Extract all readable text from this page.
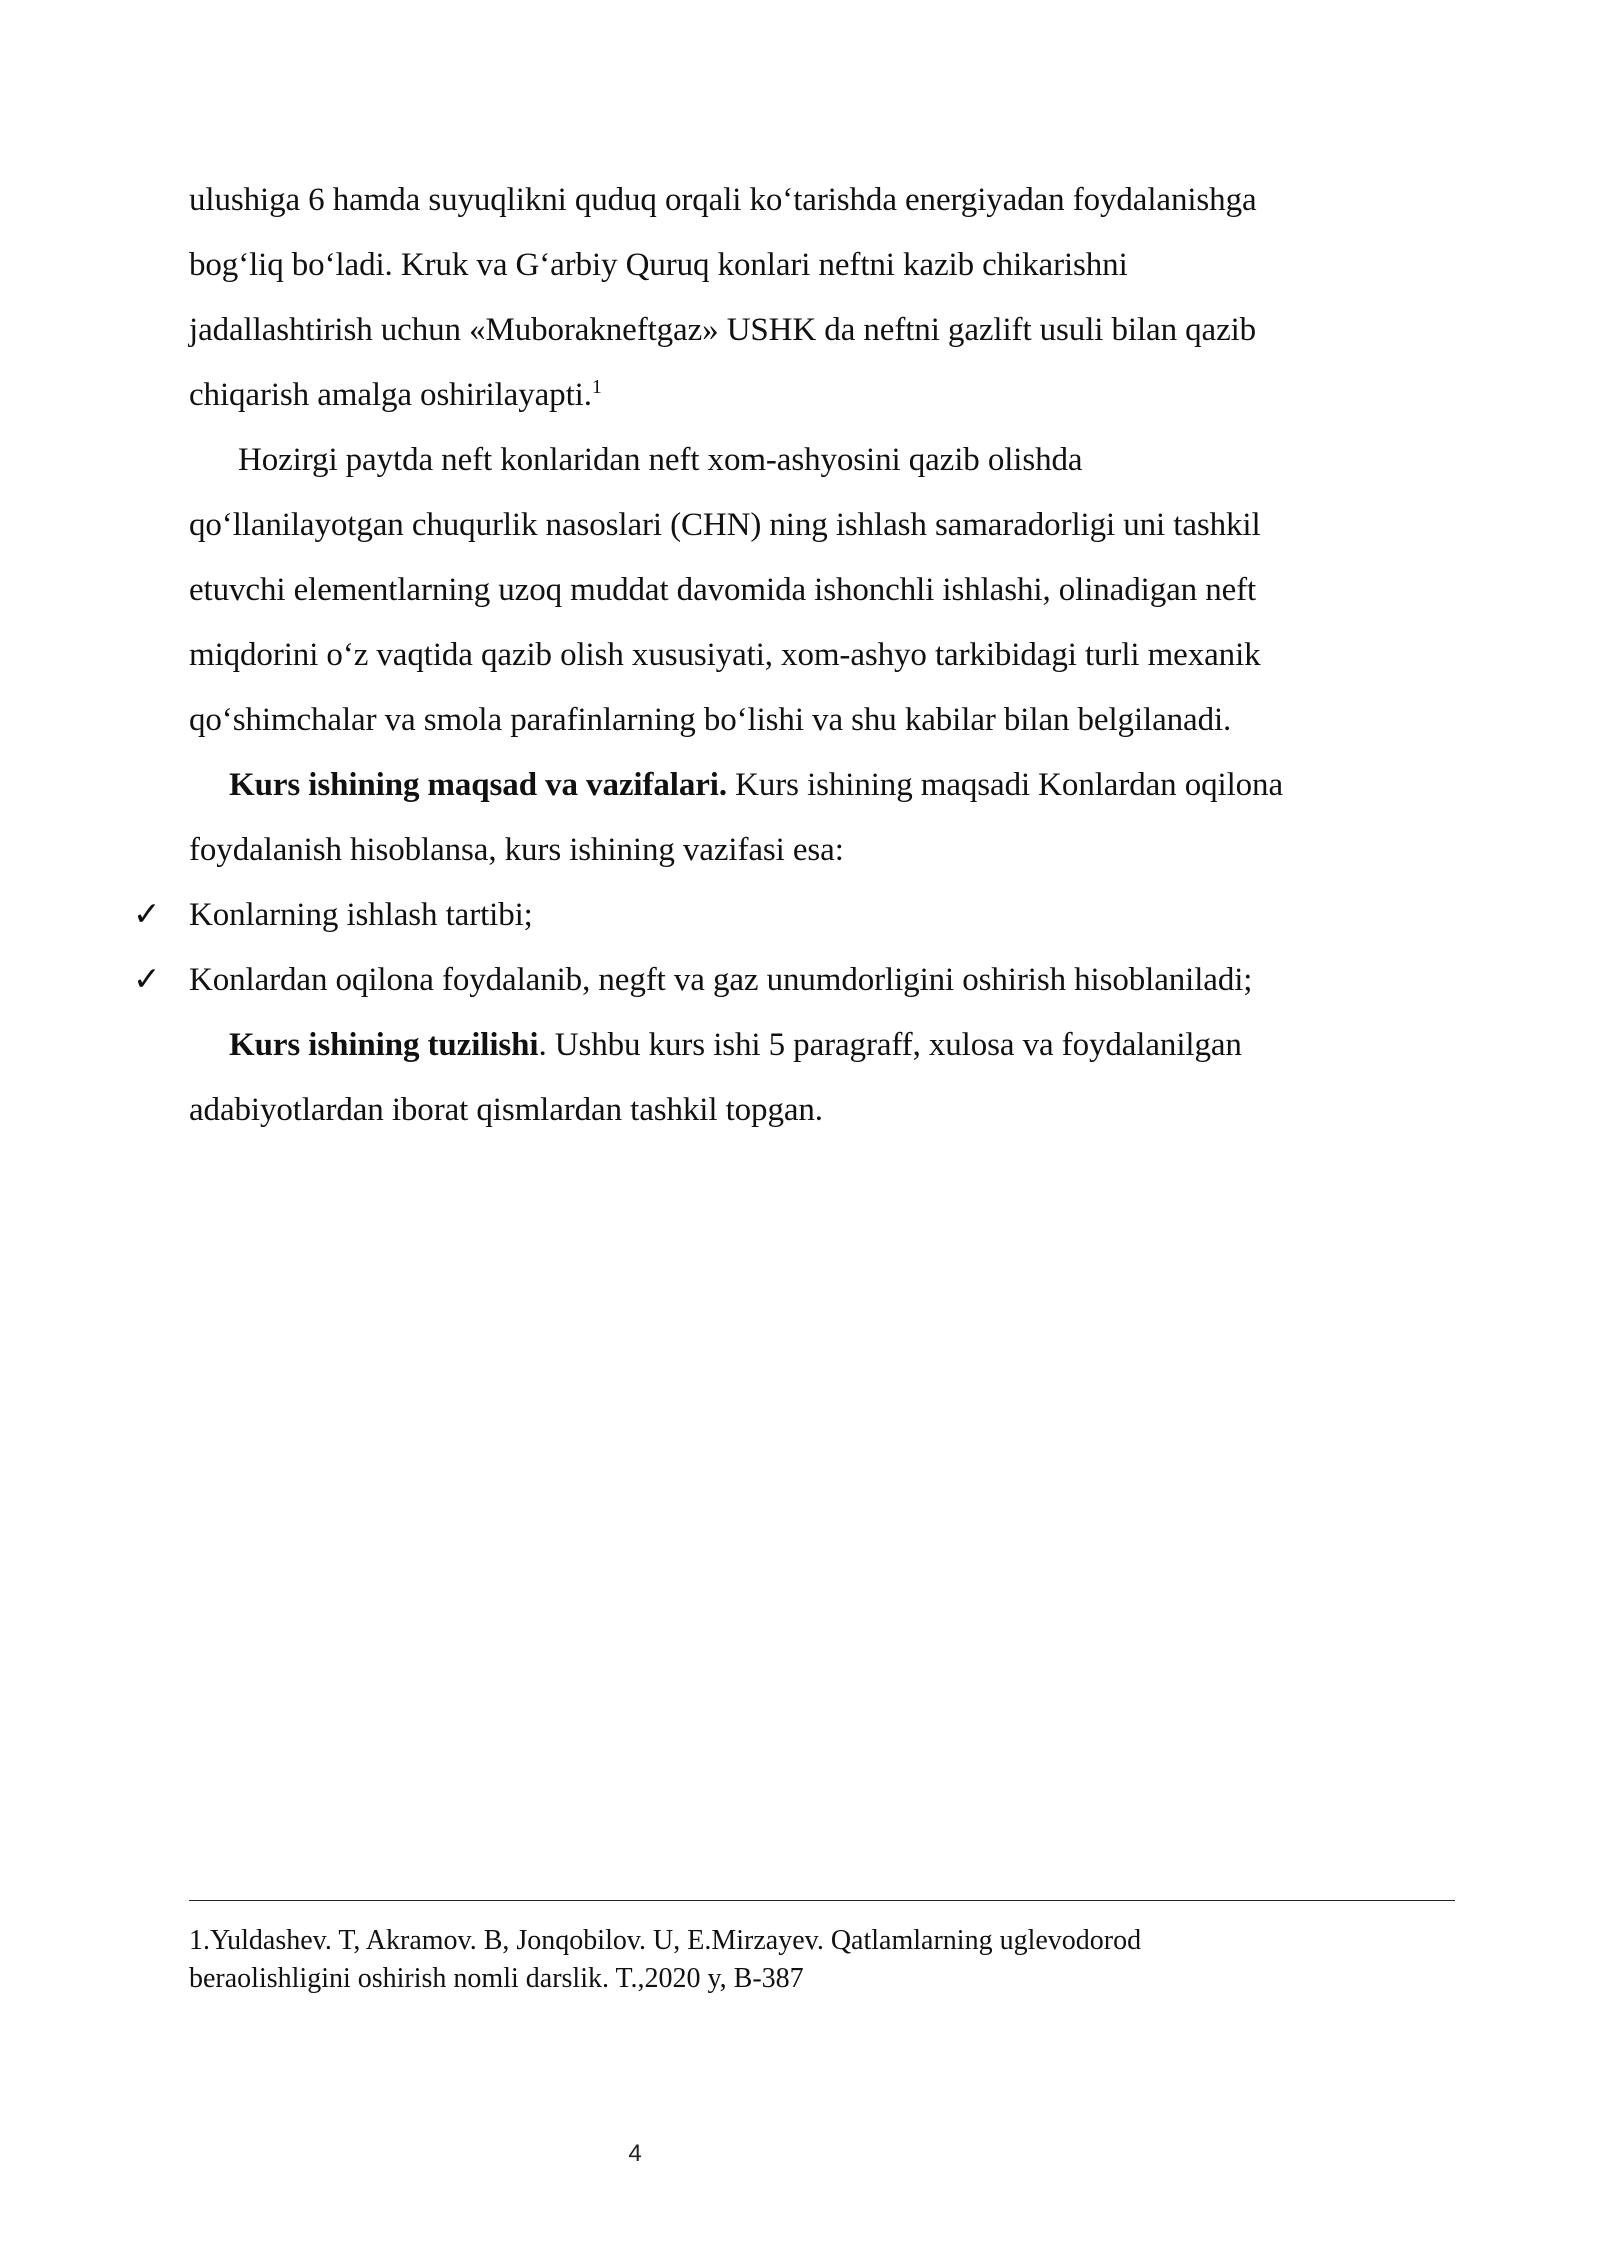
ulushiga 6 hamda suyuqlikni quduq orqali ko‘tarishda energiyadan foydalanishga
bog‘liq bo‘ladi. Kruk va G‘arbiy Quruq konlari neftni kazib chikarishni
jadallashtirish uchun «Muborakneftgaz» USHK da neftni gazlift usuli bilan qazib
chiqarish amalga oshirilayapti.$^1$
Hozirgi paytda neft konlaridan neft xom-ashyosini qazib olishda
qo‘llanilayotgan chuqurlik nasoslari (CHN) ning ishlash samaradorligi uni tashkil
etuvchi elementlarning uzoq muddat davomida ishonchli ishlashi, olinadigan neft
miqdorini o‘z vaqtida qazib olish xususiyati, xom-ashyo tarkibidagi turli mexanik
qo‘shimchalar va smola parafinlarning bo‘lishi va shu kabilar bilan belgilanadi.
Kurs ishining maqsad va vazifalari. Kurs ishining maqsadi Konlardan oqilona
foydalanish hisoblansa, kurs ishining vazifasi esa:
✓ Konlarning ishlash tartibi;
✓ Konlardan oqilona foydalanib, negft va gaz unumdorligini oshirish hisoblaniladi;
Kurs ishining tuzilishi. Ushbu kurs ishi 5 paragraff, xulosa va foydalanilgan
adabiyotlardan iborat qismlardan tashkil topgan.
1.Yuldashev. T, Akramov. B, Jonqobilov. U, E.Mirzayev. Qatlamlarning uglevodorod
beraolishligini oshirish nomli darslik. T.,2020 y, B-387
4
